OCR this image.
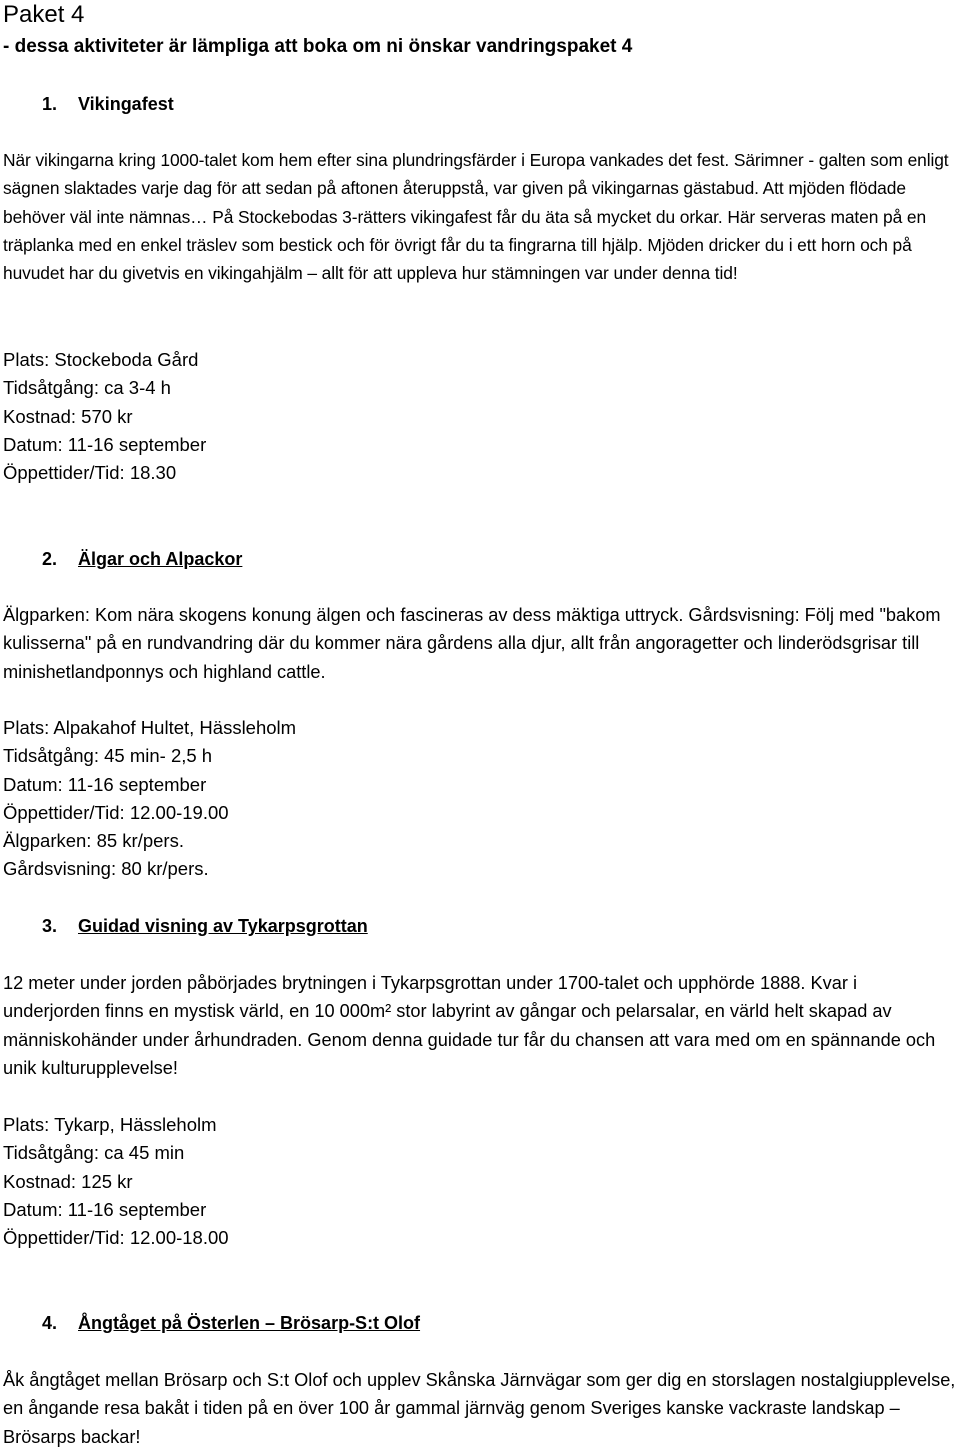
Paket 4
- dessa aktiviteter är lämpliga att boka om ni önskar vandringspaket 4
1. Vikingafest
När vikingarna kring 1000-talet kom hem efter sina plundringsfärder i Europa vankades det fest. Särimner - galten som enligt sägnen slaktades varje dag för att sedan på aftonen återuppstå, var given på vikingarnas gästabud. Att mjöden flödade behöver väl inte nämnas… På Stockebodas 3-rätters vikingafest får du äta så mycket du orkar. Här serveras maten på en träplanka med en enkel träslev som bestick och för övrigt får du ta fingrarna till hjälp. Mjöden dricker du i ett horn och på huvudet har du givetvis en vikingahjälm – allt för att uppleva hur stämningen var under denna tid!
Plats: Stockeboda Gård
Tidsåtgång: ca 3-4 h
Kostnad: 570 kr
Datum: 11-16 september
Öppettider/Tid: 18.30
2. Älgar och Alpackor
Älgparken: Kom nära skogens konung älgen och fascineras av dess mäktiga uttryck. Gårdsvisning: Följ med "bakom kulisserna" på en rundvandring där du kommer nära gårdens alla djur, allt från angoragetter och linderödsgrisar till minishetlandponnys och highland cattle.
Plats: Alpakahof Hultet, Hässleholm
Tidsåtgång: 45 min- 2,5 h
Datum: 11-16 september
Öppettider/Tid: 12.00-19.00
Älgparken: 85 kr/pers.
Gårdsvisning: 80 kr/pers.
3. Guidad visning av Tykarpsgrottan
12 meter under jorden påbörjades brytningen i Tykarpsgrottan under 1700-talet och upphörde 1888. Kvar i underjorden finns en mystisk värld, en 10 000m² stor labyrint av gångar och pelarsalar, en värld helt skapad av människohänder under århundraden. Genom denna guidade tur får du chansen att vara med om en spännande och unik kulturupplevelse!
Plats: Tykarp, Hässleholm
Tidsåtgång: ca 45 min
Kostnad: 125 kr
Datum: 11-16 september
Öppettider/Tid: 12.00-18.00
4. Ångtåget på Österlen – Brösarp-S:t Olof
Åk ångtåget mellan Brösarp och S:t Olof och upplev Skånska Järnvägar som ger dig en storslagen nostalgiupplevelse, en ångande resa bakåt i tiden på en över 100 år gammal järnväg genom Sveriges kanske vackraste landskap – Brösarps backar!
